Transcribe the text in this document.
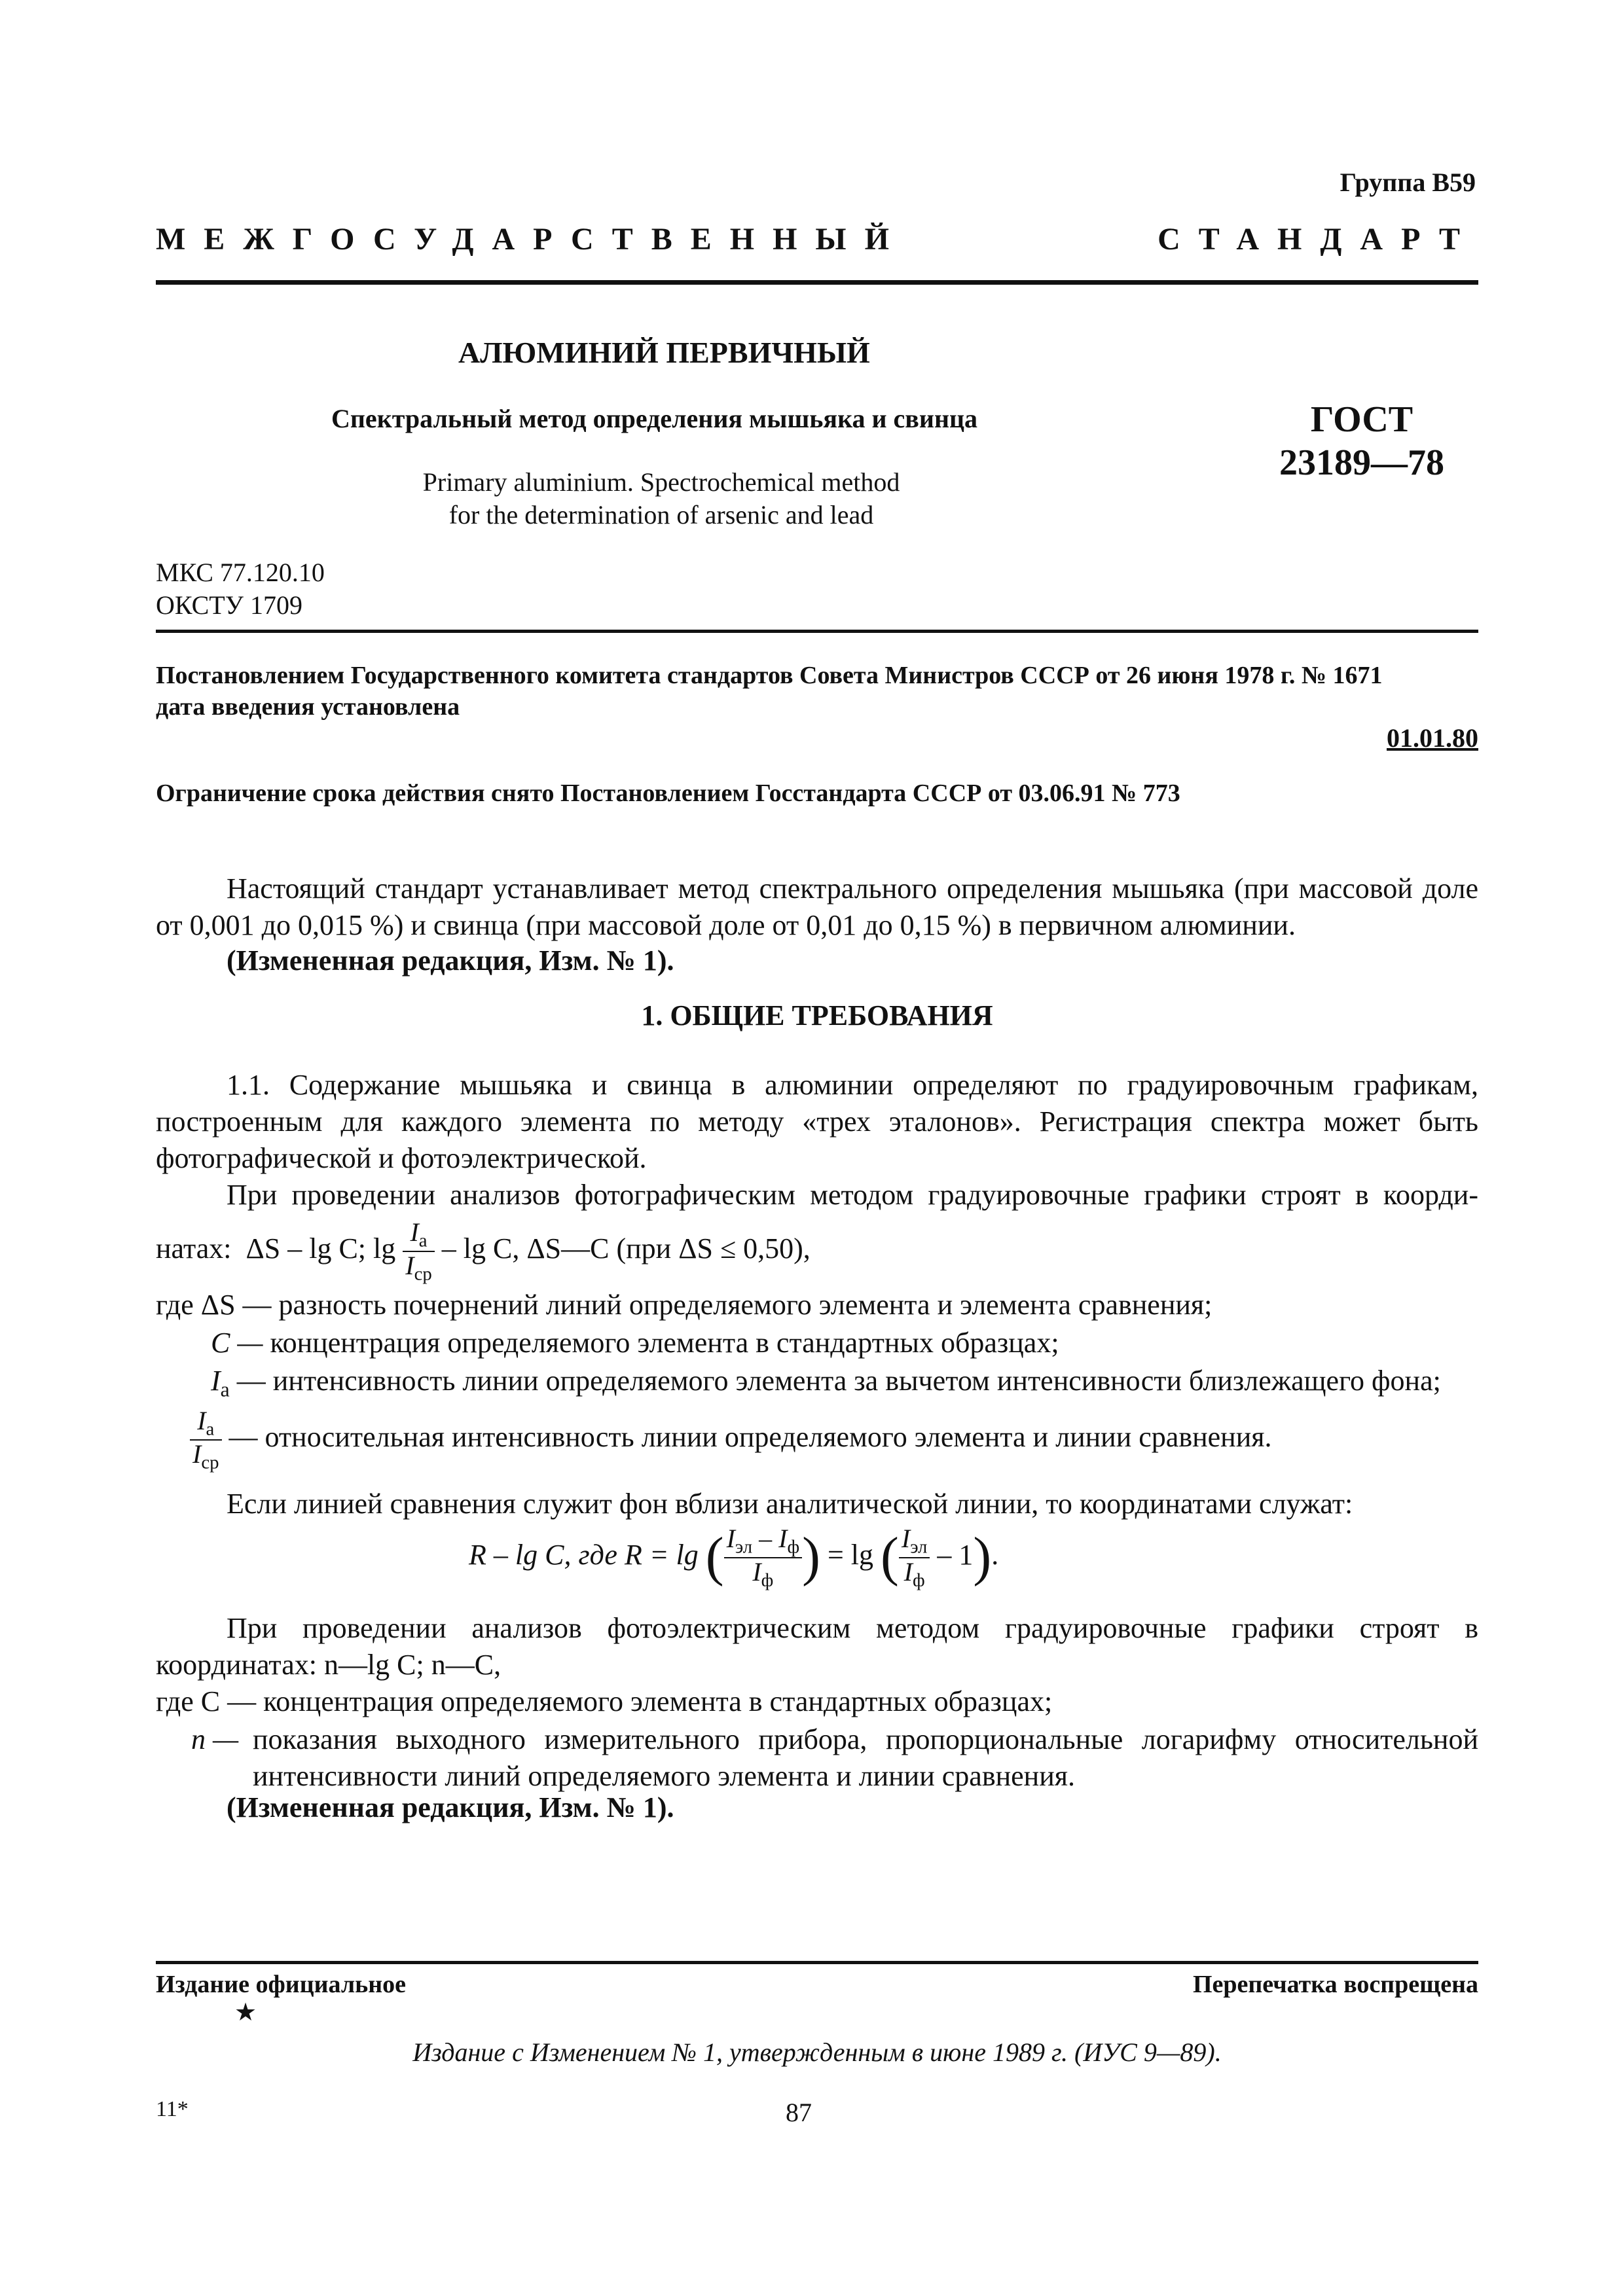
Группа В59
МЕЖГОСУДАРСТВЕННЫЙ СТАНДАРТ
АЛЮМИНИЙ ПЕРВИЧНЫЙ
Спектральный метод определения мышьяка и свинца
Primary aluminium. Spectrochemical method
for the determination of arsenic and lead
ГОСТ
23189—78
МКС 77.120.10
ОКСТУ 1709
Постановлением Государственного комитета стандартов Совета Министров СССР от 26 июня 1978 г. № 1671
дата введения установлена
01.01.80
Ограничение срока действия снято Постановлением Госстандарта СССР от 03.06.91 № 773
Настоящий стандарт устанавливает метод спектрального определения мышьяка (при массовой доле от 0,001 до 0,015 %) и свинца (при массовой доле от 0,01 до 0,15 %) в первичном алюминии.
(Измененная редакция, Изм. № 1).
1. ОБЩИЕ ТРЕБОВАНИЯ
1.1. Содержание мышьяка и свинца в алюминии определяют по градуировочным графикам, построенным для каждого элемента по методу «трех эталонов». Регистрация спектра может быть фотографической и фотоэлектрической.
При проведении анализов фотографическим методом градуировочные графики строят в коорди-
натах: ΔS – lg C; $\lg \frac{I_a}{I_{cp}}$ – lg C, ΔS—C (при ΔS ≤ 0,50),
где ΔS — разность почернений линий определяемого элемента и элемента сравнения;
C — концентрация определяемого элемента в стандартных образцах;
$I_a$ — интенсивность линии определяемого элемента за вычетом интенсивности близлежащего фона;
$\frac{I_a}{I_{cp}}$ — относительная интенсивность линии определяемого элемента и линии сравнения.
Если линией сравнения служит фон вблизи аналитической линии, то координатами служат:
R – lg C, где R = lg ( $\frac{I_{эл} - I_ф}{I_ф}$ ) = lg ( $\frac{I_{эл}}{I_ф} - 1$).
При проведении анализов фотоэлектрическим методом градуировочные графики строят в координатах: n—lg C; n—C,
где C — концентрация определяемого элемента в стандартных образцах;
n — показания выходного измерительного прибора, пропорциональные логарифму относительной интенсивности линий определяемого элемента и линии сравнения.
(Измененная редакция, Изм. № 1).
Издание официальное	Перепечатка воспрещена
★
Издание с Изменением № 1, утвержденным в июне 1989 г. (ИУС 9—89).
11*	87
